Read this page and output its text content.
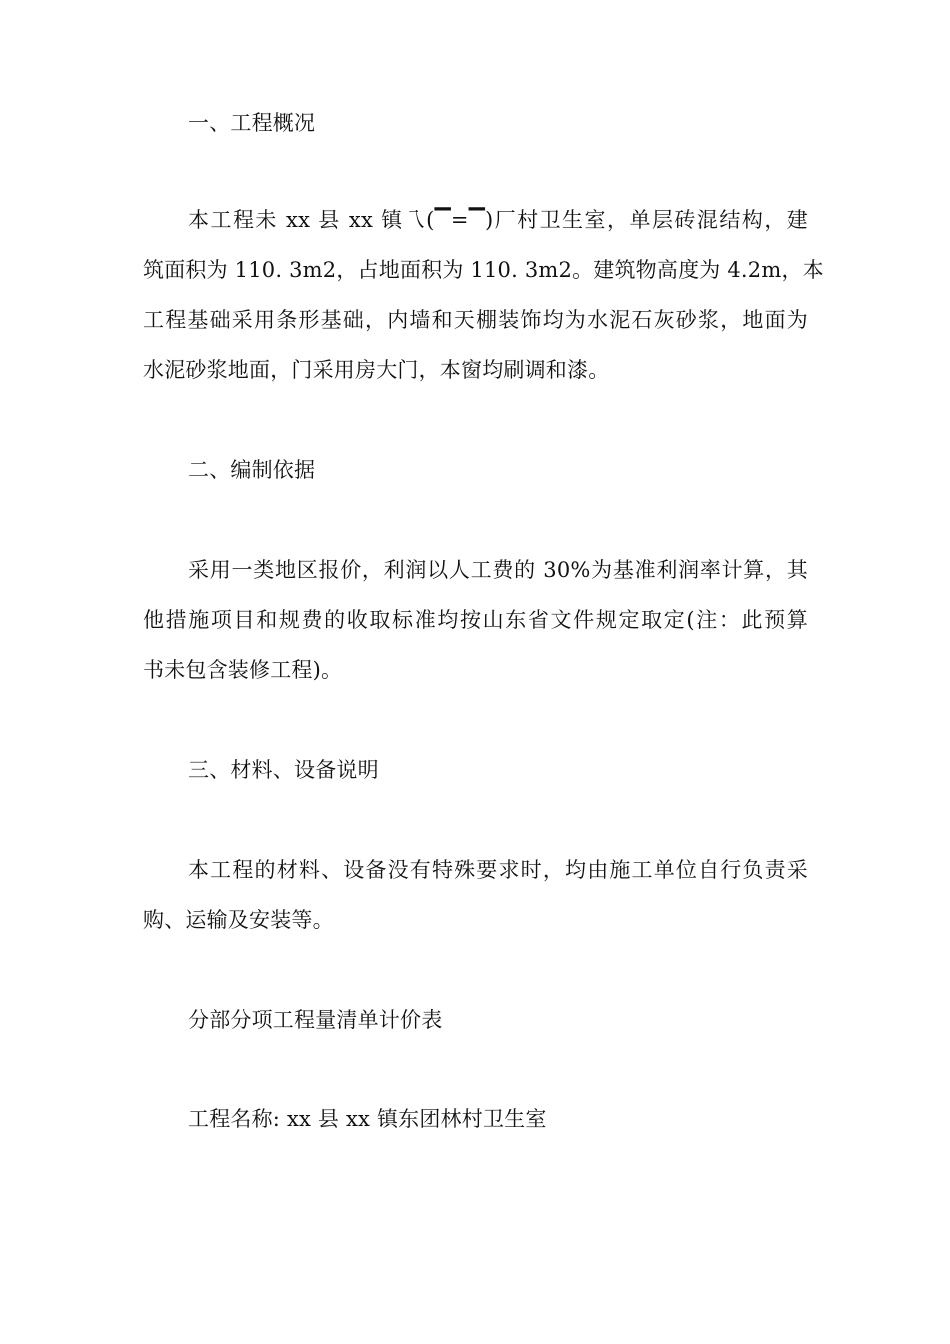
一、工程概况
本工程未 xx 县 xx 镇乁(▔=▔)厂村卫生室，单层砖混结构，建
筑面积为 110. 3m2，占地面积为 110. 3m2。建筑物高度为 4.2m，本
工程基础采用条形基础，内墙和天棚装饰均为水泥石灰砂浆，地面为
水泥砂浆地面，门采用房大门，本窗均刷调和漆。
二、编制依据
采用一类地区报价，利润以人工费的 30%为基准利润率计算，其
他措施项目和规费的收取标准均按山东省文件规定取定(注：此预算
书未包含装修工程)。
三、材料、设备说明
本工程的材料、设备没有特殊要求时，均由施工单位自行负责采
购、运输及安装等。
分部分项工程量清单计价表
工程名称: xx 县 xx 镇东团林村卫生室
